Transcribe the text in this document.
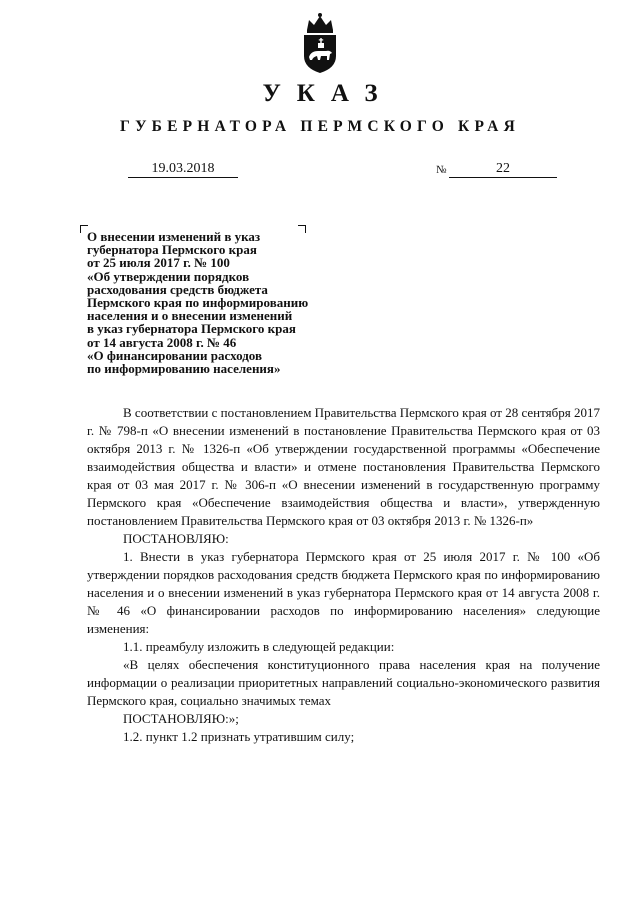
УКАЗ
ГУБЕРНАТОРА ПЕРМСКОГО КРАЯ
19.03.2018	№	22
О внесении изменений в указ
губернатора Пермского края
от 25 июля 2017 г. № 100
«Об утверждении порядков
расходования средств бюджета
Пермского края по информированию
населения и о внесении изменений
в указ губернатора Пермского края
от 14 августа 2008 г. № 46
«О финансировании расходов
по информированию населения»

В соответствии с постановлением Правительства Пермского края от 28 сентября 2017 г. № 798-п «О внесении изменений в постановление Правительства Пермского края от 03 октября 2013 г. № 1326-п «Об утверждении государственной программы «Обеспечение взаимодействия общества и власти» и отмене постановления Правительства Пермского края от 03 мая 2017 г. № 306-п «О внесении изменений в государственную программу Пермского края «Обеспечение взаимодействия общества и власти», утвержденную постановлением Правительства Пермского края от 03 октября 2013 г. № 1326-п»

ПОСТАНОВЛЯЮ:

1. Внести в указ губернатора Пермского края от 25 июля 2017 г. № 100 «Об утверждении порядков расходования средств бюджета Пермского края по информированию населения и о внесении изменений в указ губернатора Пермского края от 14 августа 2008 г. № 46 «О финансировании расходов по информированию населения» следующие изменения:

1.1. преамбулу изложить в следующей редакции:

«В целях обеспечения конституционного права населения края на получение информации о реализации приоритетных направлений социально-экономического развития Пермского края, социально значимых темах

ПОСТАНОВЛЯЮ:»;

1.2. пункт 1.2 признать утратившим силу;
